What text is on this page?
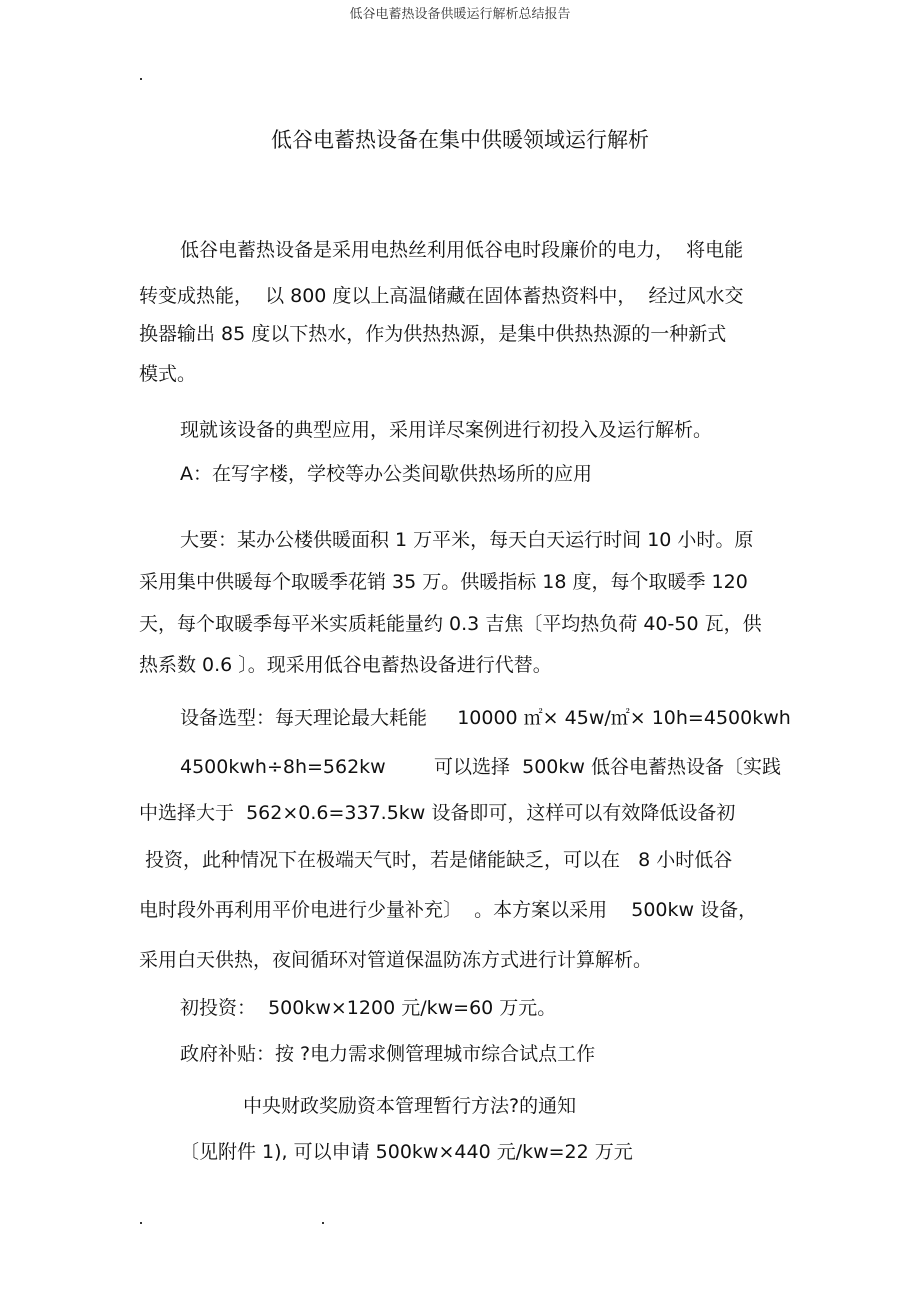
低谷电蓄热设备供暖运行解析总结报告
低谷电蓄热设备在集中供暖领域运行解析
低谷电蓄热设备是采用电热丝利用低谷电时段廉价的电力，  将电能
转变成热能，  以 800 度以上高温储藏在固体蓄热资料中，  经过风水交
换器输出 85 度以下热水，作为供热热源，是集中供热热源的一种新式
模式。
现就该设备的典型应用，采用详尽案例进行初投入及运行解析。
A：在写字楼，学校等办公类间歇供热场所的应用
大要：某办公楼供暖面积 1 万平米，每天白天运行时间 10 小时。原
采用集中供暖每个取暖季花销 35 万。供暖指标 18 度，每个取暖季 120
天，每个取暖季每平米实质耗能量约 0.3 吉焦〔平均热负荷 40-50 瓦，供
热系数 0.6 〕。现采用低谷电蓄热设备进行代替。
设备选型：每天理论最大耗能     10000 ㎡× 45w/㎡× 10h=4500kwh
4500kwh÷8h=562kw        可以选择  500kw 低谷电蓄热设备〔实践
中选择大于  562×0.6=337.5kw 设备即可，这样可以有效降低设备初
投资，此种情况下在极端天气时，若是储能缺乏，可以在   8 小时低谷
电时段外再利用平价电进行少量补充〕  。本方案以采用    500kw 设备，
采用白天供热，夜间循环对管道保温防冻方式进行计算解析。
初投资：  500kw×1200 元/kw=60 万元。
政府补贴：按 ?电力需求侧管理城市综合试点工作
中央财政奖励资本管理暂行方法?的通知
〔见附件 1), 可以申请 500kw×440 元/kw=22 万元
